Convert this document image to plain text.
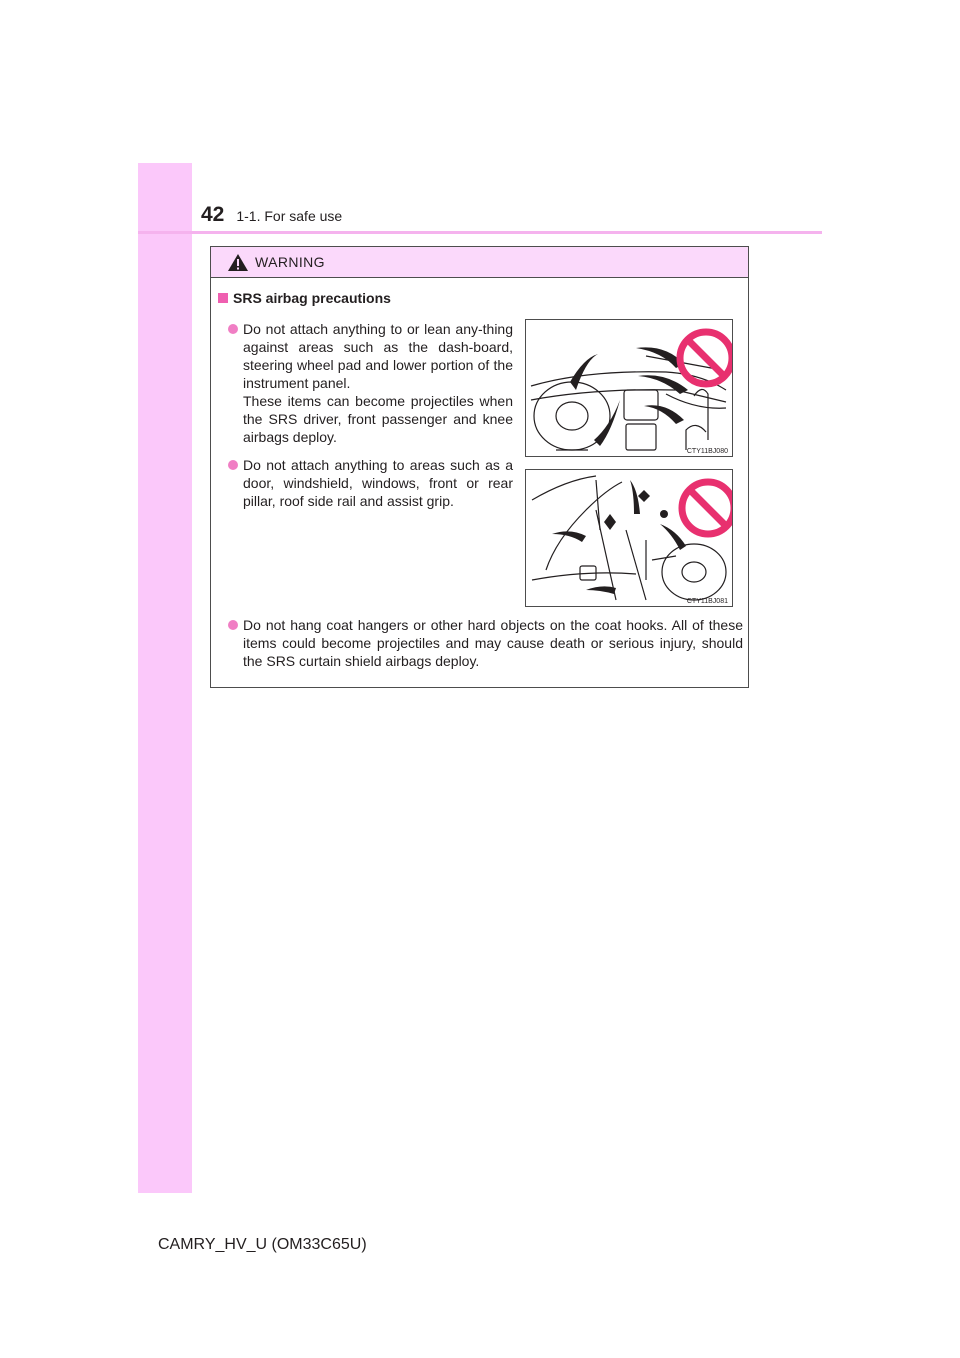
42 1-1. For safe use
WARNING
SRS airbag precautions
Do not attach anything to or lean any-thing against areas such as the dash-board, steering wheel pad and lower portion of the instrument panel.
These items can become projectiles when the SRS driver, front passenger and knee airbags deploy.
Do not attach anything to areas such as a door, windshield, windows, front or rear pillar, roof side rail and assist grip.
Do not hang coat hangers or other hard objects on the coat hooks. All of these items could become projectiles and may cause death or serious injury, should the SRS curtain shield airbags deploy.
CTY11BJ080
CTY11BJ081
CAMRY_HV_U (OM33C65U)
